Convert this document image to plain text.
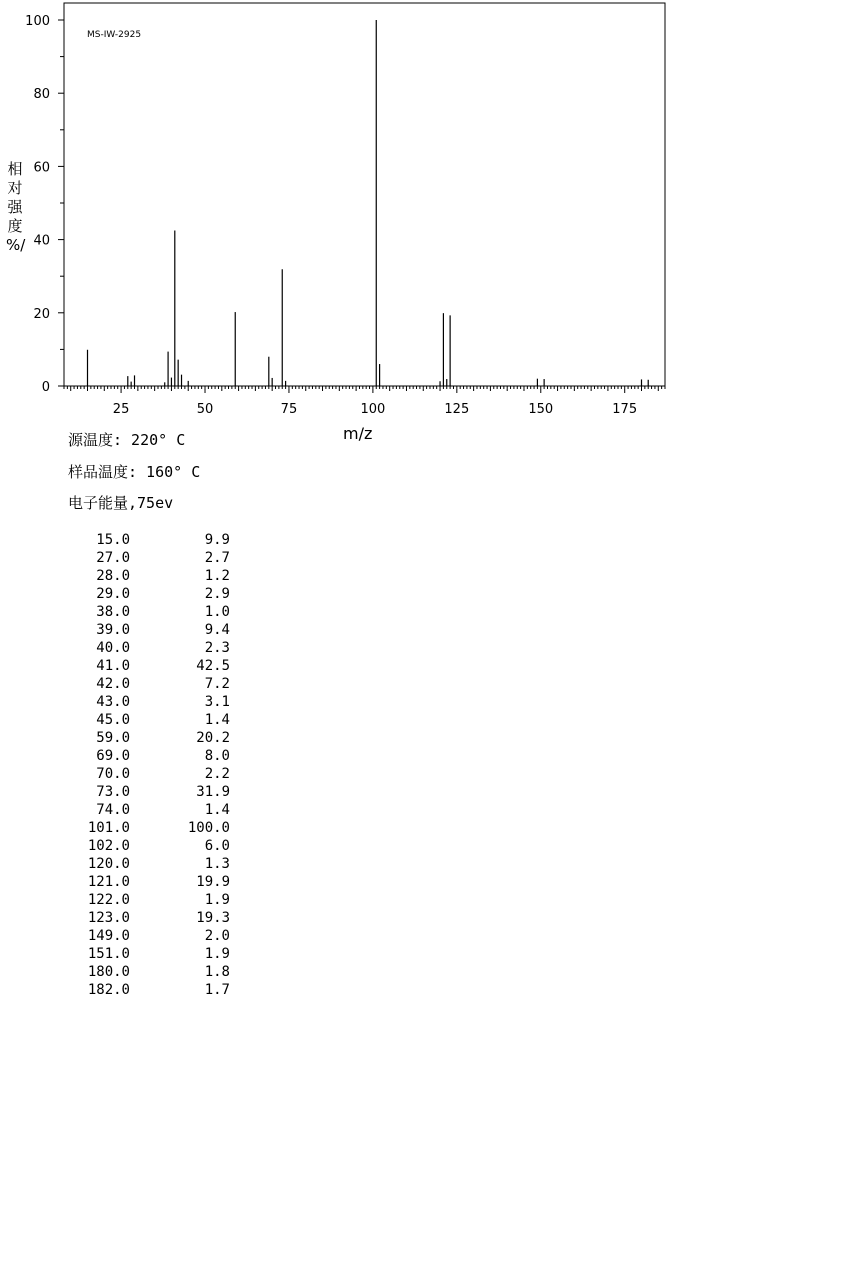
MS-IW-2925
0
20
40
60
80
100
25	50	75	100	125	150	175
相对强度 %/
m/z
源温度: 220° C
样品温度: 160° C
电子能量,75ev
15.0	9.9
27.0	2.7
28.0	1.2
29.0	2.9
38.0	1.0
39.0	9.4
40.0	2.3
41.0	42.5
42.0	7.2
43.0	3.1
45.0	1.4
59.0	20.2
69.0	8.0
70.0	2.2
73.0	31.9
74.0	1.4
101.0	100.0
102.0	6.0
120.0	1.3
121.0	19.9
122.0	1.9
123.0	19.3
149.0	2.0
151.0	1.9
180.0	1.8
182.0	1.7
